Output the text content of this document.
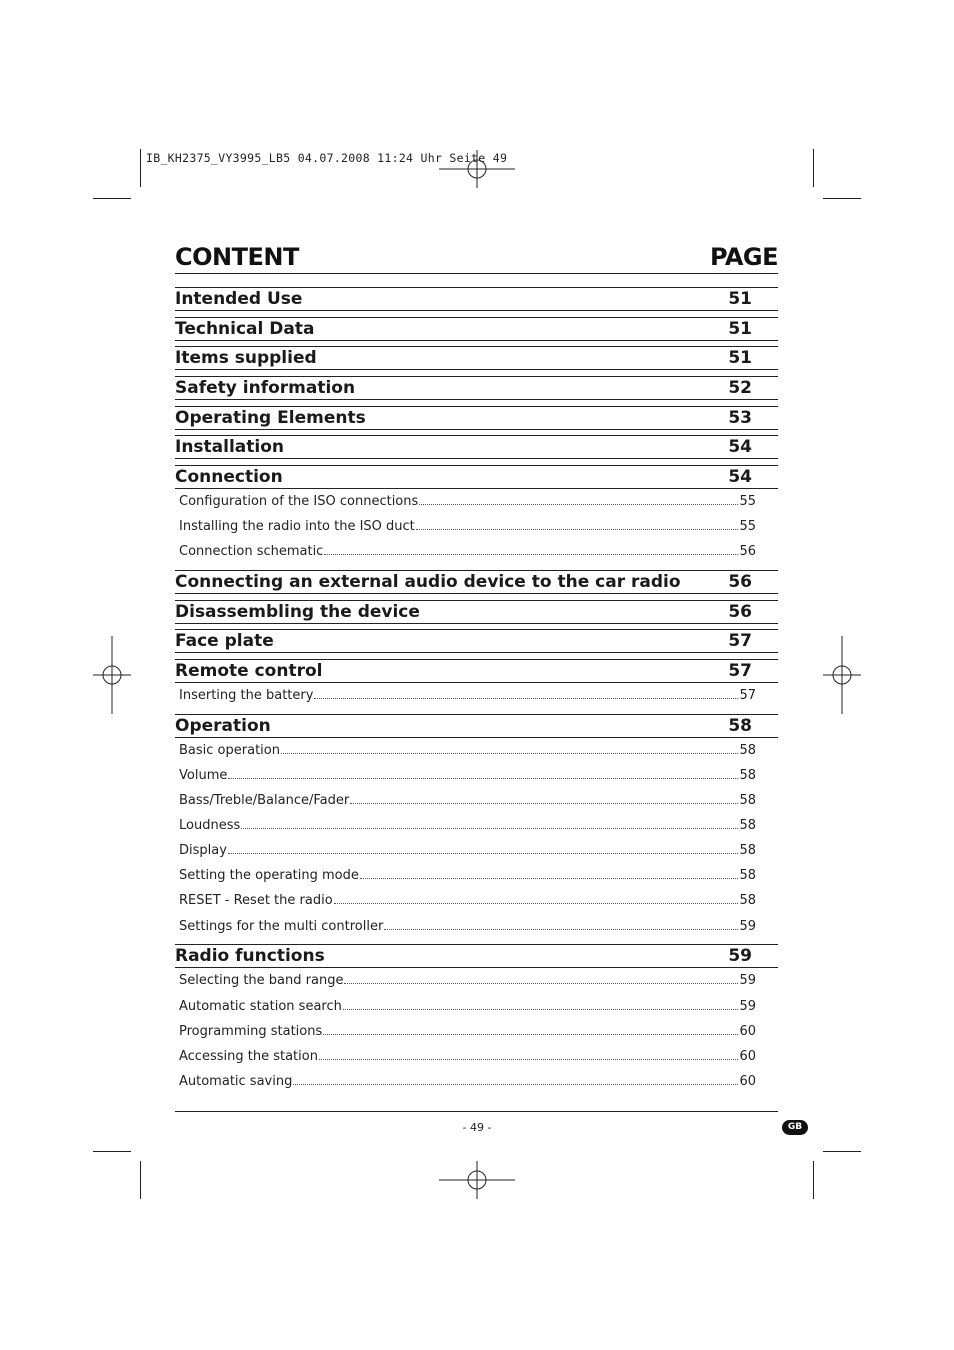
IB_KH2375_VY3995_LB5 04.07.2008 11:24 Uhr Seite 49
CONTENT	PAGE
Intended Use	51
Technical Data	51
Items supplied	51
Safety information	52
Operating Elements	53
Installation	54
Connection	54
Configuration of the ISO connections	55
Installing the radio into the ISO duct	55
Connection schematic	56
Connecting an external audio device to the car radio	56
Disassembling the device	56
Face plate	57
Remote control	57
Inserting the battery	57
Operation	58
Basic operation	58
Volume	58
Bass/Treble/Balance/Fader	58
Loudness	58
Display	58
Setting the operating mode	58
RESET - Reset the radio	58
Settings for the multi controller	59
Radio functions	59
Selecting the band range	59
Automatic station search	59
Programming stations	60
Accessing the station	60
Automatic saving	60
- 49 -	GB
